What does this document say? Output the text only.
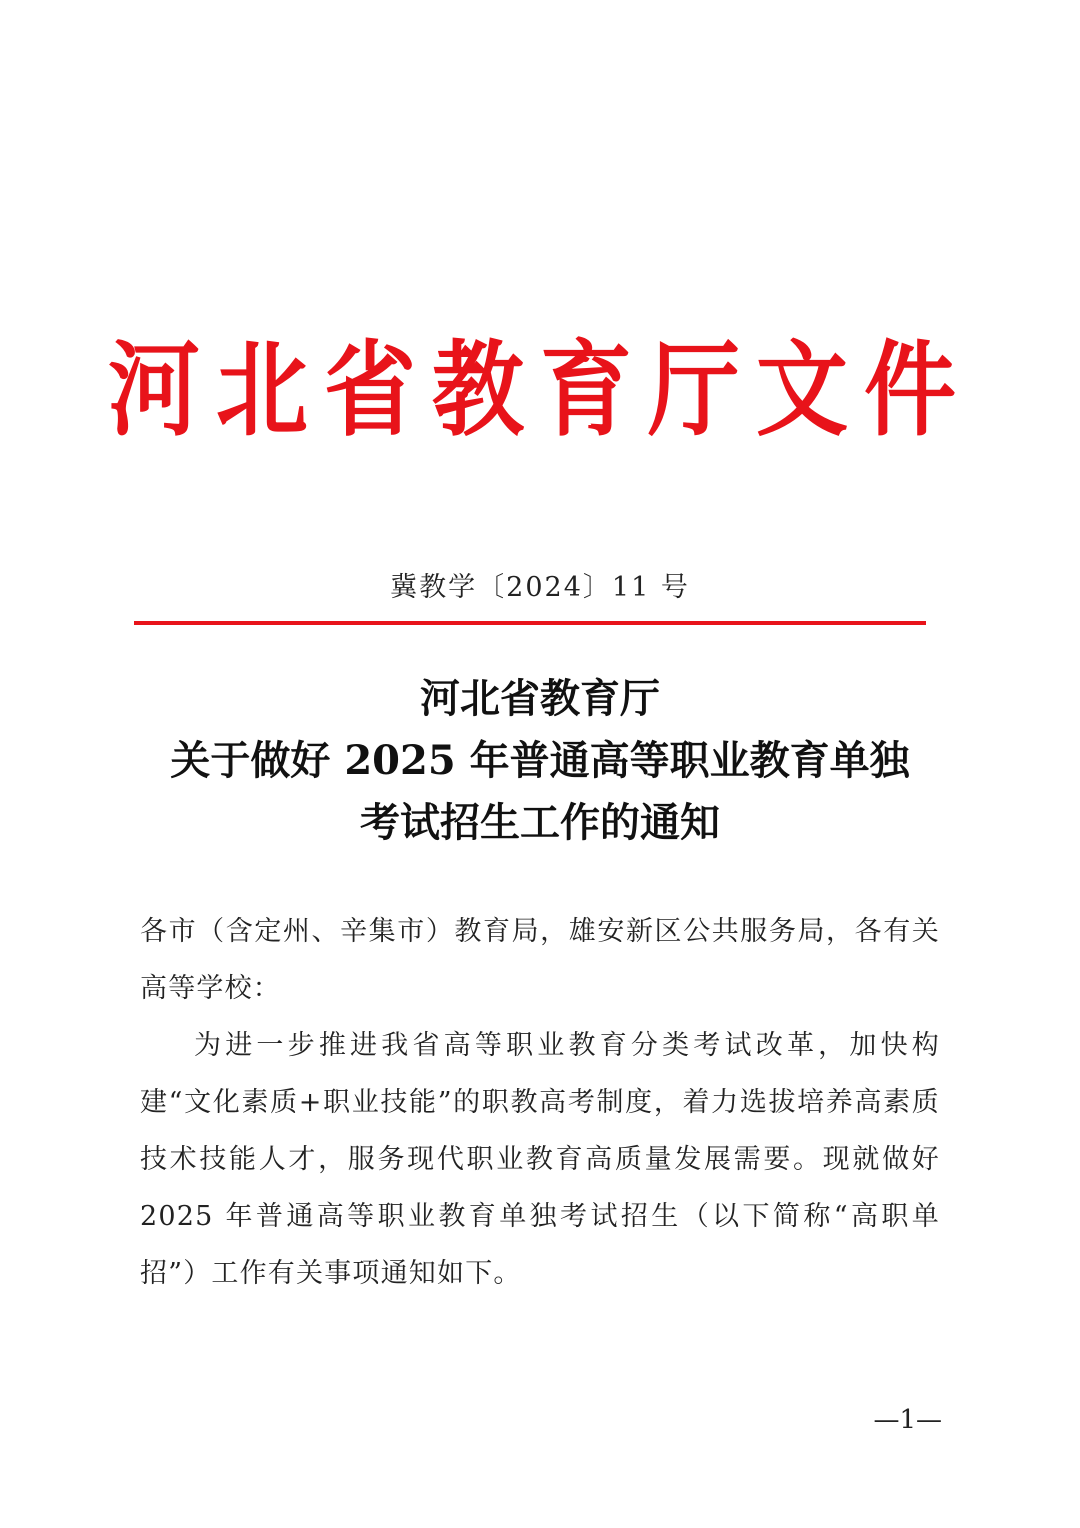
河北省教育厅文件
冀教学〔2024〕11 号
河北省教育厅
关于做好 2025 年普通高等职业教育单独
考试招生工作的通知

各市（含定州、辛集市）教育局，雄安新区公共服务局，各有关高等学校：

为进一步推进我省高等职业教育分类考试改革，加快构建“文化素质+职业技能”的职教高考制度，着力选拔培养高素质技术技能人才，服务现代职业教育高质量发展需要。现就做好 2025 年普通高等职业教育单独考试招生（以下简称“高职单招”）工作有关事项通知如下。

—1—
